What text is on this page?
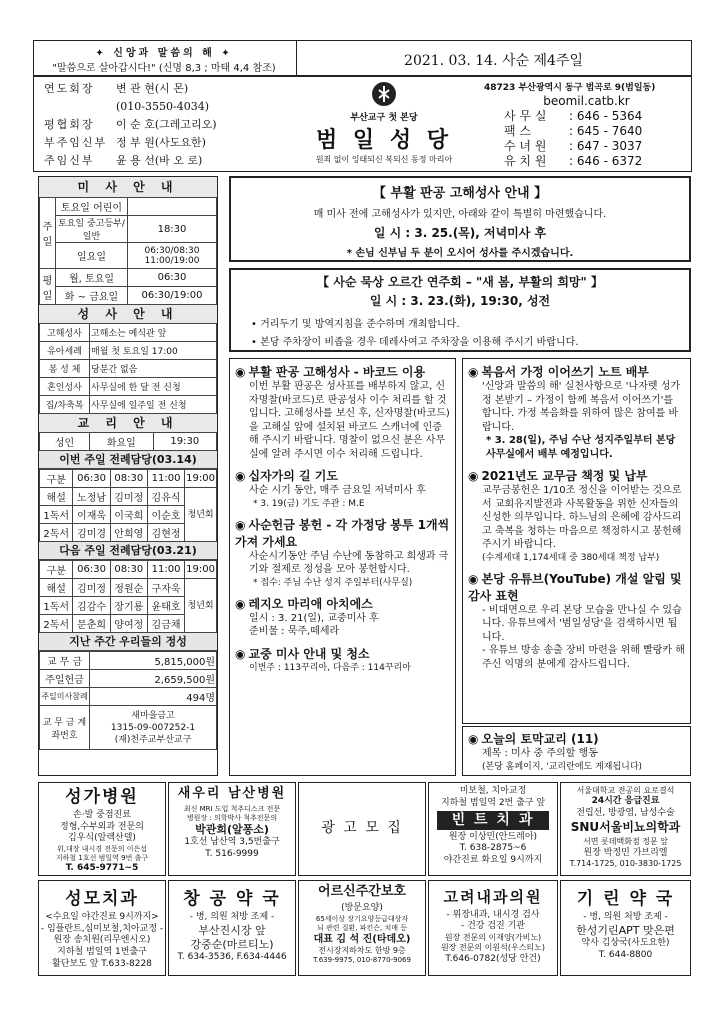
✦ 신앙과 말씀의 해 ✦
"말씀으로 살아갑시다!" (신명 8,3 ; 마태 4,4 참조)	2021. 03. 14. 사순 제4주일
연도회장	변 관 현(시 몬)
(010-3550-4034)
평협회장	이 순 호(그레고리오)
부주임신부 정 부 원(사도요한)
주임신부	윤 용 선(바 오 로)
부산교구 첫 본당
범 일 성 당
원죄 없이 잉태되신 복되신 동정 마리아
48723 부산광역시 동구 범곡로 9(범일동)
beomil.catb.kr
사 무 실	: 646 - 5364
팩 스	: 645 - 7640
수 녀 원	: 647 - 3037
유 치 원	: 646 - 6372
미 사 안 내
주일	토요일 어린이	
	토요일 중고등부/일반	18:30
	일요일	06:30/08:30 11:00/19:00
평일	월, 토요일	06:30
	화 ~ 금요일	06:30/19:00
성 사 안 내
고해성사	고해소는 예식관 앞
유아세례	매월 첫 토요일 17:00
봉 성 체	당분간 없음
혼인성사	사무실에 한 달 전 신청
집/차축복	사무실에 일주일 전 신청
교 리 안 내
성인	화요일	19:30
이번 주일 전례담당(03.14)
구분	06:30	08:30	11:00	19:00
해설	노정남	김미정	김유식	청년회
1독서	이재욱	이국희	이순호	
2독서	김미경	안희영	김현정	
다음 주일 전례담당(03.21)
구분	06:30	08:30	11:00	19:00
해설	김미정	정원순	구자욱	청년회
1독서	김감수	장기룡	윤태호	
2독서	문춘희	양여정	김금채	
지난 주간 우리들의 정성
교 무 금	5,815,000원
주일헌금	2,659,500원
주일미사참례	494명
교 무 금 계좌번호	새마을금고
1315-09-007252-1
(재)천주교부산교구
【 부활 판공 고해성사 안내 】
매 미사 전에 고해성사가 있지만, 아래와 같이 특별히 마련했습니다.
일 시 : 3. 25.(목), 저녁미사 후
* 손님 신부님 두 분이 오시어 성사를 주시겠습니다.
【 사순 묵상 오르간 연주회 – "새 봄, 부활의 희망" 】
일 시 : 3. 23.(화), 19:30, 성전
• 거리두기 및 방역지침을 준수하며 개최합니다.
• 본당 주차장이 비좁을 경우 데레사여고 주차장을 이용해 주시기 바랍니다.
◉ 부활 판공 고해성사 - 바코드 이용

이번 부활 판공은 성사표를 배부하지 않고, 신자명찰(바코드)로 판공성사 이수 처리를 할 것입니다. 고해성사를 보신 후, 신자명찰(바코드)을 고해실 앞에 설치된 바코드 스캐너에 인증해 주시기 바랍니다. 명찰이 없으신 분은 사무실에 알려 주시면 이수 처리해 드립니다.

◉ 십자가의 길 기도

사순 시기 동안, 매주 금요일 저녁미사 후

* 3. 19(금) 기도 주관 : M.E

◉ 사순헌금 봉헌 - 각 가정당 봉투 1개씩 가져 가세요

사순시기동안 주님 수난에 동참하고 희생과 극기와 절제로 정성을 모아 봉헌합시다.

* 접수: 주님 수난 성지 주일부터(사무실)

◉ 레지오 마리애 아치에스

일시 : 3. 21(일), 교중미사 후

준비물 : 묵주,떼세라

◉ 교중 미사 안내 및 청소

이번주 : 113꾸리아, 다음주 : 114꾸리아

◉ 복음서 가정 이어쓰기 노트 배부

'신앙과 말씀의 해' 실천사항으로 '나자렛 성가정 본받기 – 가정이 함께 복음서 이어쓰기'를 합니다. 가정 복음화를 위하여 많은 참여를 바랍니다.

* 3. 28(일), 주님 수난 성지주일부터 본당 사무실에서 배부 예정입니다.

◉ 2021년도 교무금 책정 및 납부

교무금봉헌은 1/10조 정신을 이어받는 것으로서 교회유지발전과 사목활동을 위한 신자들의 신성한 의무입니다. 하느님의 은혜에 감사드리고 축복을 청하는 마음으로 책정하시고 봉헌해 주시기 바랍니다.

(수계세대 1,174세대 중 380세대 책정 납부)

◉ 본당 유튜브(YouTube) 개설 알림 및 감사 표현

- 비대면으로 우리 본당 모습을 만나실 수 있습니다. 유튜브에서 '범일성당'을 검색하시면 됩니다.

- 유튜브 방송 송출 장비 마련을 위해 빨랑카 해 주신 익명의 분에게 감사드립니다.

◉ 오늘의 토막교리 (11)

제목 : 미사 중 주의할 행동

(본당 홈페이지, '교리란에도 게재됩니다)

성가병원
손·발 중점진료
정형,수부외과 전문의
김우식(알렉산델)
위,대장 내시경 전문의 이은섭
지하철 1호선 범일역 9번 출구
T. 645-9771~5
새우리 남산병원
최신 MRI 도입 척추디스크 전문
병원장 : 의학박사 척추전문의
박관희(알퐁소)
1호선 남산역 3,5번출구
T. 516-9999
광 고 모 집
미보철, 치아교정
지하철 범일역 2번 출구 앞
빈 트 치 과
원장 이상민(안드레아)
T. 638-2875~6
야간진료 화요일 9시까지
서울대학교 전공의 요로결석
24시간 응급진료
전립선, 방광염, 남성수술
SNU서울비뇨의학과
서면 롯데백화점 정문 앞
원장 박정민 가브리엘
T.714-1725, 010-3830-1725
성모치과
<수요일 야간진료 9시까지>
- 임플란트,심미보철,치아교정 -
원장 송치원(리무엔시오)
지하철 범일역 1번출구
활단보도 앞 T.633-8228
창 공 약 국
- 병, 의원 처방 조제 -
부산진시장 앞
강중순(마르티노)
T. 634-3536, F.634-4446
어르신주간보호
(방문요양)
65세이상 장기요양등급대상자
뇌 관련 질환, 파킨슨, 치매 등
대표 김 석 진(타데오)
전시장지하차도 한방 9층
T.639-9975, 010-8770-9069
고려내과의원
- 위장내과, 내시경 검사
- 건강 검진 기관
원장 전문의 이재양(가비노)
원장 전문의 이원석(우스티노)
T.646-0782(성당 안건)
기 린 약 국
- 병, 의원 처방 조제 -
한성기린APT 맞은편
약사 김상국(사도요한)
T. 644-8800
